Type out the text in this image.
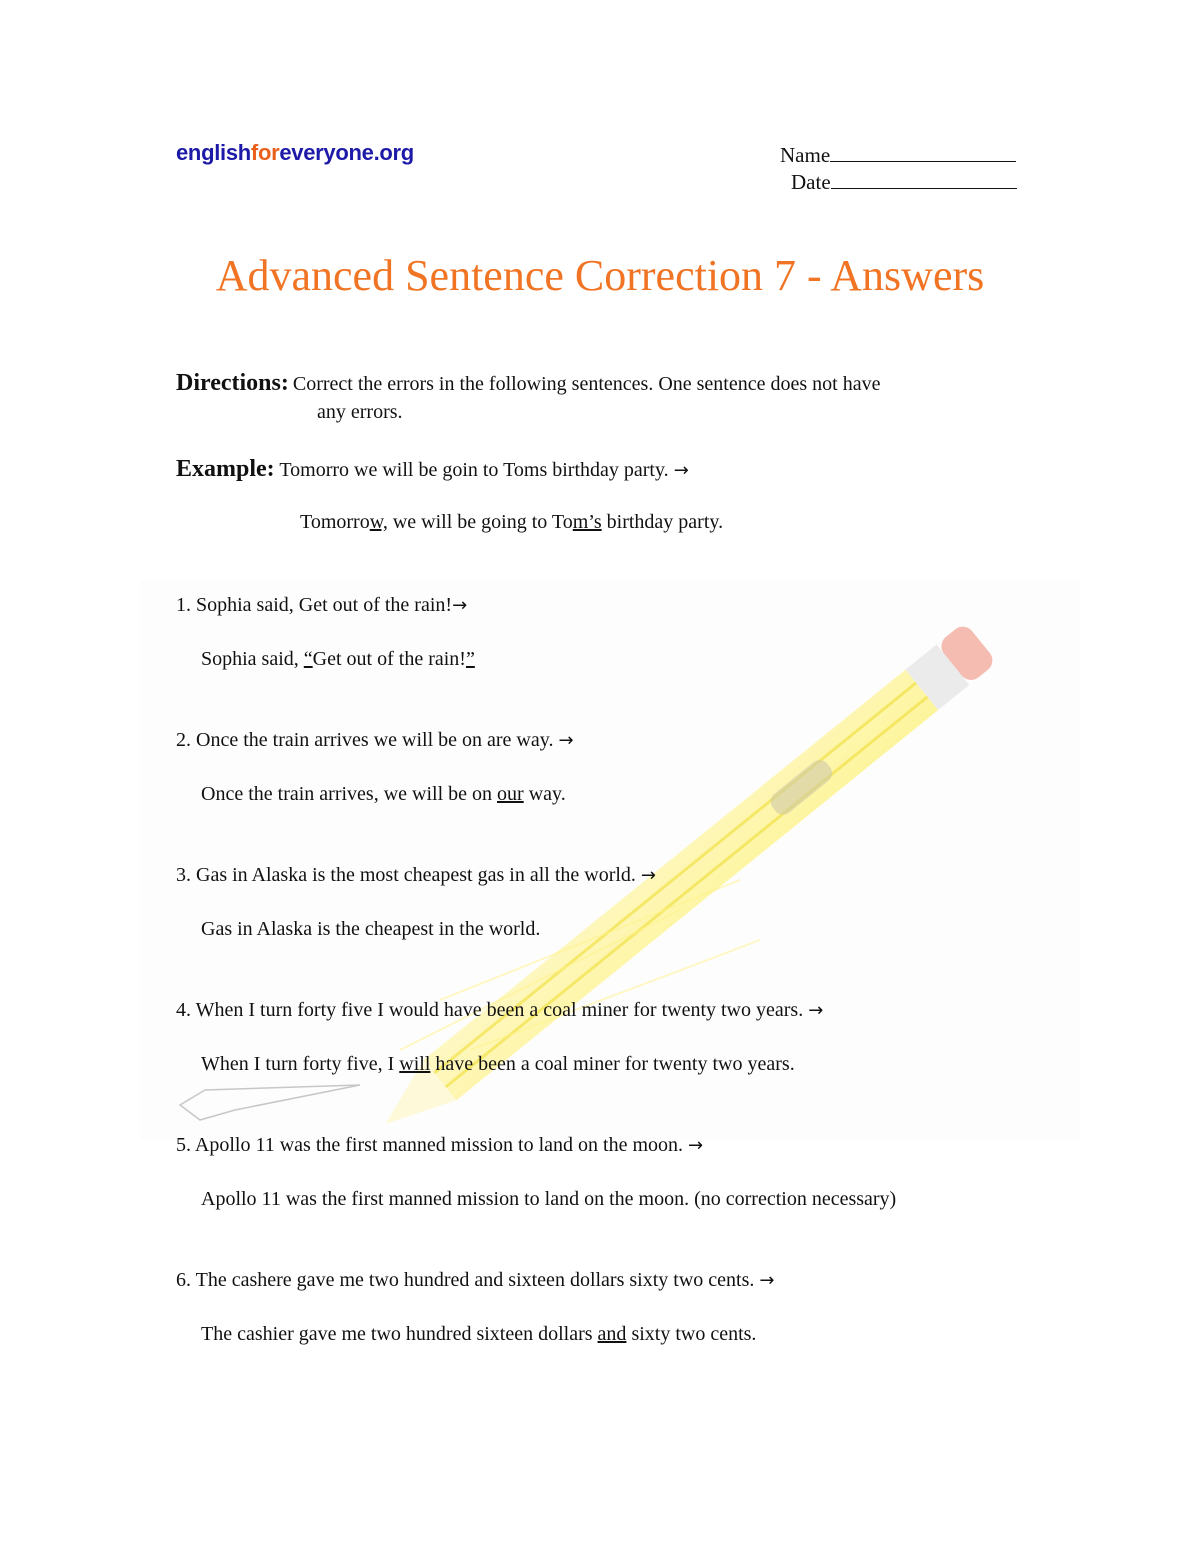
englishforeveryone.org	Name
Date
Advanced Sentence Correction 7 - Answers
Directions: Correct the errors in the following sentences. One sentence does not have
any errors.
Example: Tomorro we will be goin to Toms birthday party. →
Tomorrow, we will be going to Tom’s birthday party.
1. Sophia said, Get out of the rain!→
Sophia said, “Get out of the rain!”
2. Once the train arrives we will be on are way. →
Once the train arrives, we will be on our way.
3. Gas in Alaska is the most cheapest gas in all the world. →
Gas in Alaska is the cheapest in the world.
4. When I turn forty five I would have been a coal miner for twenty two years. →
When I turn forty five, I will have been a coal miner for twenty two years.
5. Apollo 11 was the first manned mission to land on the moon. →
Apollo 11 was the first manned mission to land on the moon. (no correction necessary)
6. The cashere gave me two hundred and sixteen dollars sixty two cents. →
The cashier gave me two hundred sixteen dollars and sixty two cents.
